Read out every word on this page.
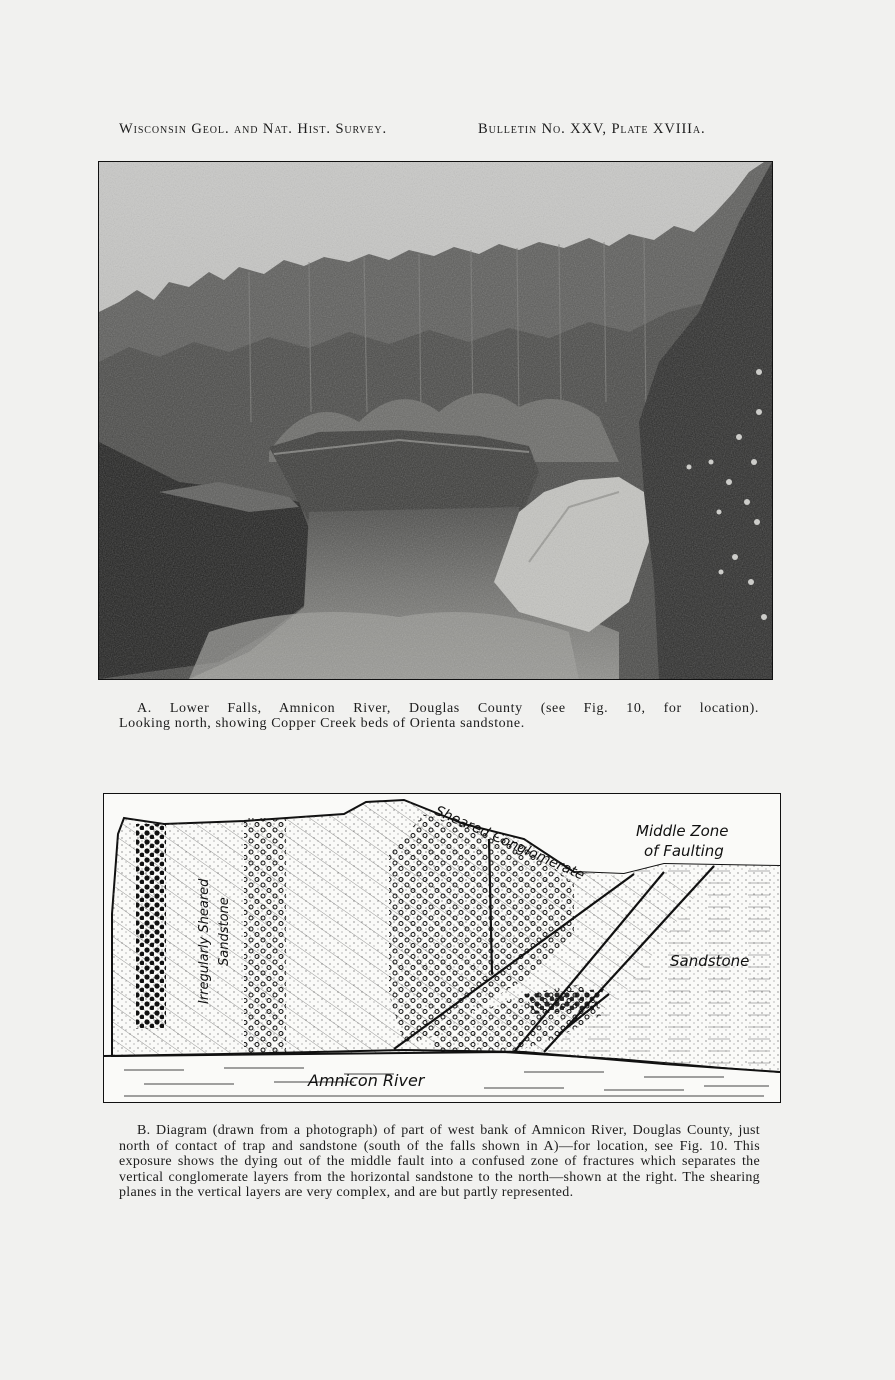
Wisconsin Geol. and Nat. Hist. Survey.	Bulletin No. XXV, Plate XVIIIa.

A. Lower Falls, Amnicon River, Douglas County (see Fig. 10, for location).

Looking north, showing Copper Creek beds of Orienta sandstone.

Sheared Conglomerate	Middle Zone
of Faulting
Irregularly Sheared Sandstone	Sandstone
Amnicon River

B. Diagram (drawn from a photograph) of part of west bank of Amnicon River, Douglas County, just north of contact of trap and sandstone (south of the falls shown in A)—for location, see Fig. 10. This exposure shows the dying out of the middle fault into a confused zone of fractures which separates the vertical conglomerate layers from the horizontal sandstone to the north—shown at the right. The shearing planes in the vertical layers are very complex, and are but partly represented.
